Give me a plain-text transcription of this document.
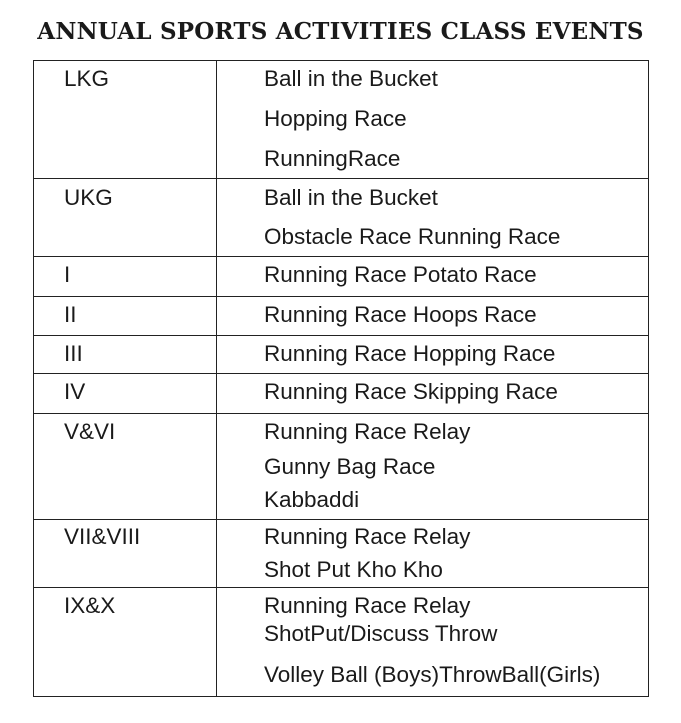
ANNUAL SPORTS ACTIVITIES CLASS EVENTS
LKG	Ball in the Bucket
Hopping Race
RunningRace

UKG	Ball in the Bucket
Obstacle Race Running Race

I	Running Race Potato Race

II	Running Race Hoops Race

III	Running Race Hopping Race

IV	Running Race Skipping Race

V&VI	Running Race Relay
Gunny Bag Race
Kabbaddi

VII&VIII	Running Race Relay
Shot Put Kho Kho

IX&X	Running Race Relay
ShotPut/Discuss Throw
Volley Ball (Boys)ThrowBall(Girls)
